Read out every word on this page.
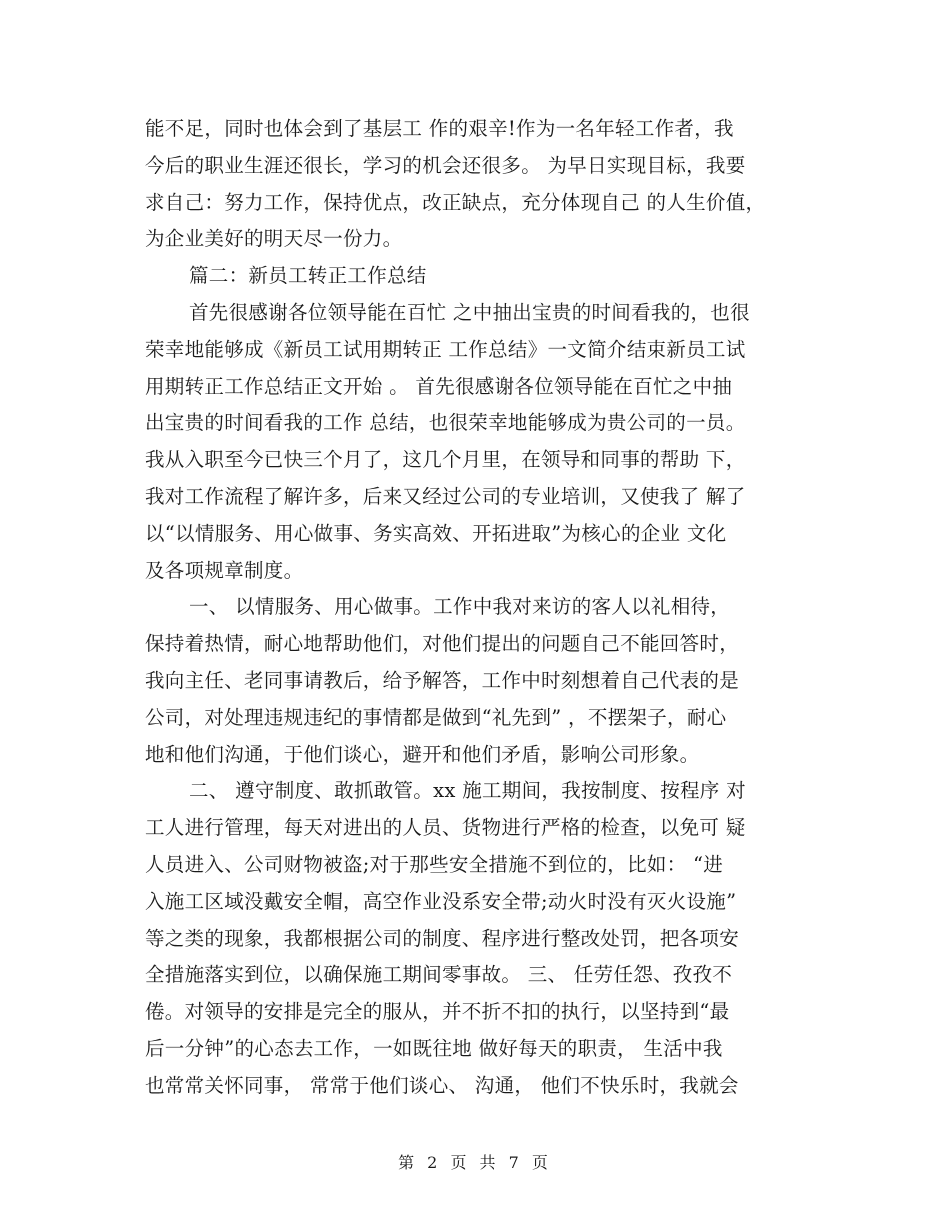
能不足，同时也体会到了基层工 作的艰辛!作为一名年轻工作者，我
今后的职业生涯还很长，学习的机会还很多。 为早日实现目标，我要
求自己：努力工作，保持优点，改正缺点，充分体现自己 的人生价值，
为企业美好的明天尽一份力。
篇二：新员工转正工作总结
首先很感谢各位领导能在百忙 之中抽出宝贵的时间看我的，也很
荣幸地能够成《新员工试用期转正 工作总结》一文简介结束新员工试
用期转正工作总结正文开始 。 首先很感谢各位领导能在百忙之中抽
出宝贵的时间看我的工作 总结，也很荣幸地能够成为贵公司的一员。
我从入职至今已快三个月了，这几个月里，在领导和同事的帮助 下，
我对工作流程了解许多，后来又经过公司的专业培训，又使我了 解了
以“以情服务、用心做事、务实高效、开拓进取”为核心的企业 文化
及各项规章制度。
一、 以情服务、用心做事。工作中我对来访的客人以礼相待，
保持着热情，耐心地帮助他们，对他们提出的问题自己不能回答时，
我向主任、老同事请教后，给予解答，工作中时刻想着自己代表的是
公司，对处理违规违纪的事情都是做到“礼先到” ，不摆架子，耐心
地和他们沟通，于他们谈心，避开和他们矛盾，影响公司形象。
二、 遵守制度、敢抓敢管。xx 施工期间，我按制度、按程序 对
工人进行管理，每天对进出的人员、货物进行严格的检查，以免可 疑
人员进入、公司财物被盗;对于那些安全措施不到位的，比如： “进
入施工区域没戴安全帽，高空作业没系安全带;动火时没有灭火设施”
等之类的现象，我都根据公司的制度、程序进行整改处罚，把各项安
全措施落实到位，以确保施工期间零事故。 三、 任劳任怨、孜孜不
倦。对领导的安排是完全的服从，并不折不扣的执行，以坚持到“最
后一分钟”的心态去工作，一如既往地 做好每天的职责， 生活中我
也常常关怀同事， 常常于他们谈心、 沟通， 他们不快乐时，我就会
第 2 页 共 7 页
